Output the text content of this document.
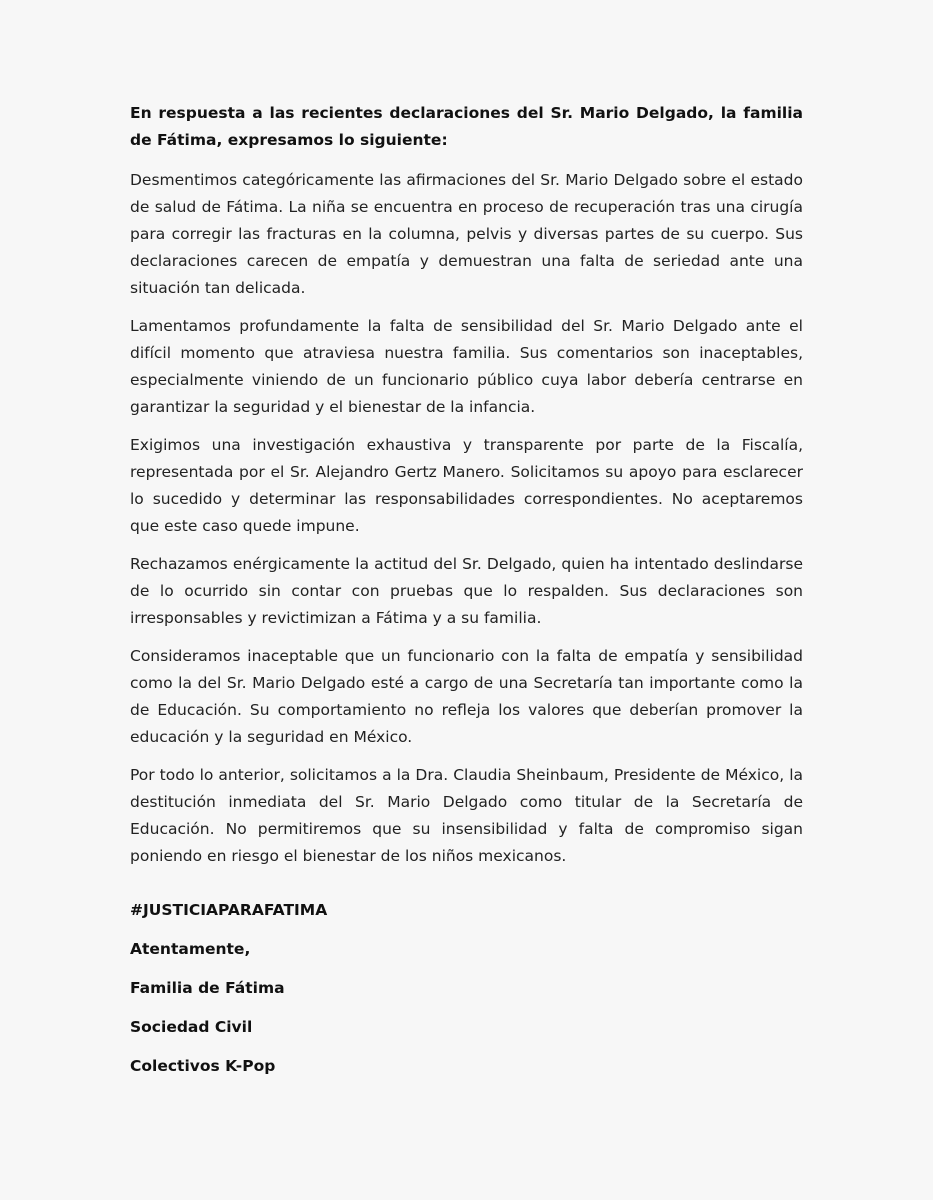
En respuesta a las recientes declaraciones del Sr. Mario Delgado, la familia de Fátima, expresamos lo siguiente:

Desmentimos categóricamente las afirmaciones del Sr. Mario Delgado sobre el estado de salud de Fátima. La niña se encuentra en proceso de recuperación tras una cirugía para corregir las fracturas en la columna, pelvis y diversas partes de su cuerpo. Sus declaraciones carecen de empatía y demuestran una falta de seriedad ante una situación tan delicada.

Lamentamos profundamente la falta de sensibilidad del Sr. Mario Delgado ante el difícil momento que atraviesa nuestra familia. Sus comentarios son inaceptables, especialmente viniendo de un funcionario público cuya labor debería centrarse en garantizar la seguridad y el bienestar de la infancia.

Exigimos una investigación exhaustiva y transparente por parte de la Fiscalía, representada por el Sr. Alejandro Gertz Manero. Solicitamos su apoyo para esclarecer lo sucedido y determinar las responsabilidades correspondientes. No aceptaremos que este caso quede impune.

Rechazamos enérgicamente la actitud del Sr. Delgado, quien ha intentado deslindarse de lo ocurrido sin contar con pruebas que lo respalden. Sus declaraciones son irresponsables y revictimizan a Fátima y a su familia.

Consideramos inaceptable que un funcionario con la falta de empatía y sensibilidad como la del Sr. Mario Delgado esté a cargo de una Secretaría tan importante como la de Educación. Su comportamiento no refleja los valores que deberían promover la educación y la seguridad en México.

Por todo lo anterior, solicitamos a la Dra. Claudia Sheinbaum, Presidente de México, la destitución inmediata del Sr. Mario Delgado como titular de la Secretaría de Educación. No permitiremos que su insensibilidad y falta de compromiso sigan poniendo en riesgo el bienestar de los niños mexicanos.

#JUSTICIAPARAFATIMA
Atentamente,
Familia de Fátima
Sociedad Civil
Colectivos K-Pop
